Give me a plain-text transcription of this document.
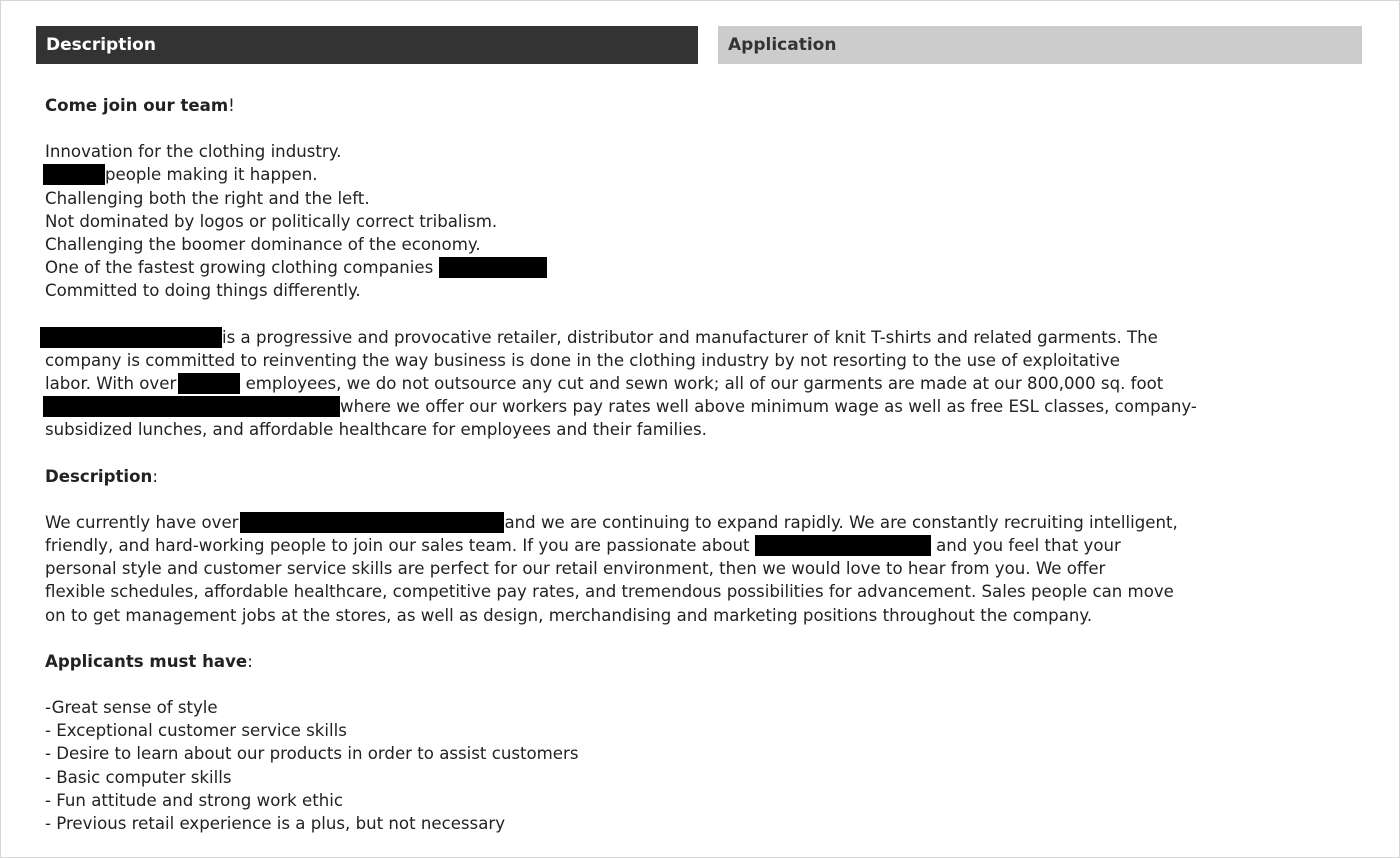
Description	Application
Come join our team!
Innovation for the clothing industry.
people making it happen.
Challenging both the right and the left.
Not dominated by logos or politically correct tribalism.
Challenging the boomer dominance of the economy.
One of the fastest growing clothing companies
Committed to doing things differently.
is a progressive and provocative retailer, distributor and manufacturer of knit T-shirts and related garments. The
company is committed to reinventing the way business is done in the clothing industry by not resorting to the use of exploitative
labor. With over	employees, we do not outsource any cut and sewn work; all of our garments are made at our 800,000 sq. foot
where we offer our workers pay rates well above minimum wage as well as free ESL classes, company-
subsidized lunches, and affordable healthcare for employees and their families.
Description:
We currently have over	and we are continuing to expand rapidly. We are constantly recruiting intelligent,
friendly, and hard-working people to join our sales team. If you are passionate about	and you feel that your
personal style and customer service skills are perfect for our retail environment, then we would love to hear from you. We offer
flexible schedules, affordable healthcare, competitive pay rates, and tremendous possibilities for advancement. Sales people can move
on to get management jobs at the stores, as well as design, merchandising and marketing positions throughout the company.
Applicants must have:
-Great sense of style
- Exceptional customer service skills
- Desire to learn about our products in order to assist customers
- Basic computer skills
- Fun attitude and strong work ethic
- Previous retail experience is a plus, but not necessary
